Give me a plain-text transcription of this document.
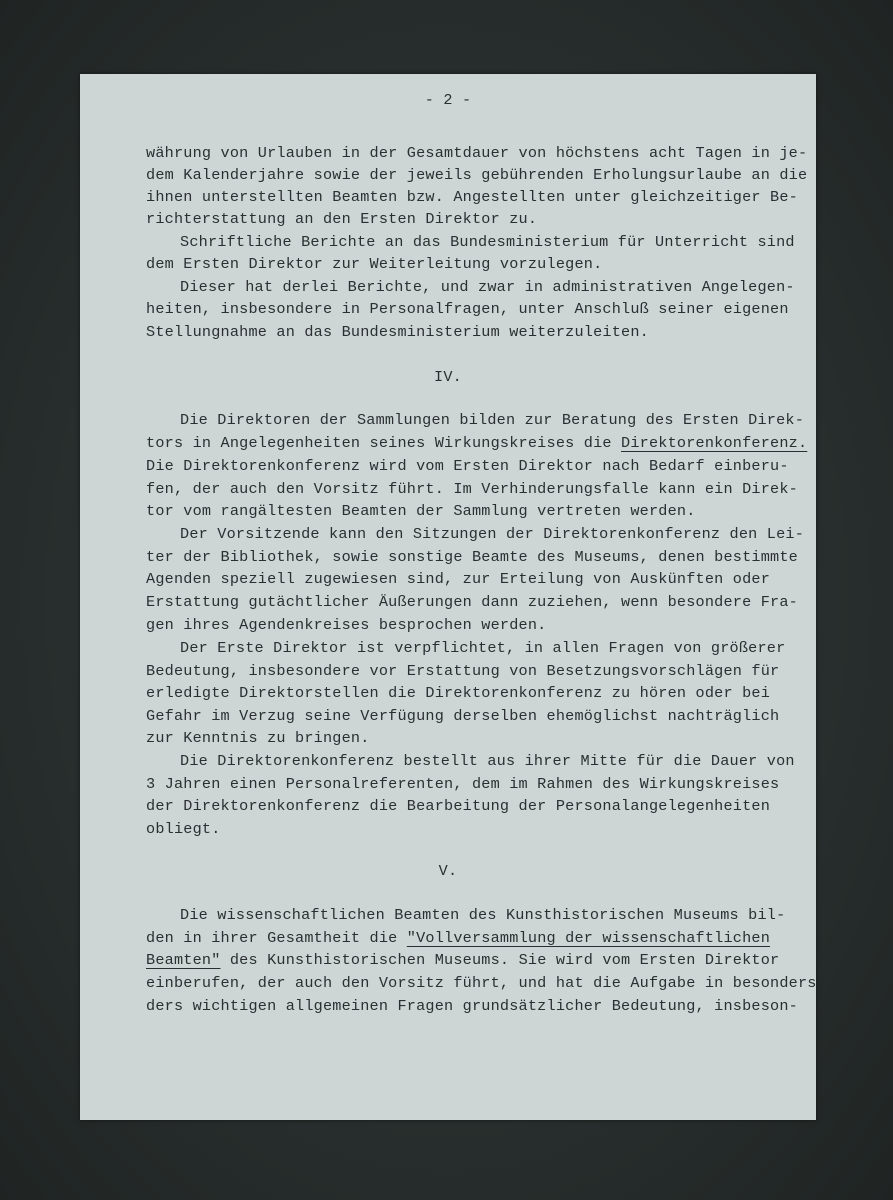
- 2 -
währung von Urlauben in der Gesamtdauer von höchstens acht Tagen in je-
dem Kalenderjahre sowie der jeweils gebührenden Erholungsurlaube an die
ihnen unterstellten Beamten bzw. Angestellten unter gleichzeitiger Be-
richterstattung an den Ersten Direktor zu.
Schriftliche Berichte an das Bundesministerium für Unterricht sind
dem Ersten Direktor zur Weiterleitung vorzulegen.
Dieser hat derlei Berichte, und zwar in administrativen Angelegen-
heiten, insbesondere in Personalfragen, unter Anschluß seiner eigenen
Stellungnahme an das Bundesministerium weiterzuleiten.
IV.
Die Direktoren der Sammlungen bilden zur Beratung des Ersten Direk-
tors in Angelegenheiten seines Wirkungskreises die Direktorenkonferenz.
Die Direktorenkonferenz wird vom Ersten Direktor nach Bedarf einberu-
fen, der auch den Vorsitz führt. Im Verhinderungsfalle kann ein Direk-
tor vom rangältesten Beamten der Sammlung vertreten werden.
Der Vorsitzende kann den Sitzungen der Direktorenkonferenz den Lei-
ter der Bibliothek, sowie sonstige Beamte des Museums, denen bestimmte
Agenden speziell zugewiesen sind, zur Erteilung von Auskünften oder
Erstattung gutächtlicher Äußerungen dann zuziehen, wenn besondere Fra-
gen ihres Agendenkreises besprochen werden.
Der Erste Direktor ist verpflichtet, in allen Fragen von größerer
Bedeutung, insbesondere vor Erstattung von Besetzungsvorschlägen für
erledigte Direktorstellen die Direktorenkonferenz zu hören oder bei
Gefahr im Verzug seine Verfügung derselben ehemöglichst nachträglich
zur Kenntnis zu bringen.
Die Direktorenkonferenz bestellt aus ihrer Mitte für die Dauer von
3 Jahren einen Personalreferenten, dem im Rahmen des Wirkungskreises
der Direktorenkonferenz die Bearbeitung der Personalangelegenheiten
obliegt.
V.
Die wissenschaftlichen Beamten des Kunsthistorischen Museums bil-
den in ihrer Gesamtheit die "Vollversammlung der wissenschaftlichen
Beamten" des Kunsthistorischen Museums. Sie wird vom Ersten Direktor
einberufen, der auch den Vorsitz führt, und hat die Aufgabe in besonders
ders wichtigen allgemeinen Fragen grundsätzlicher Bedeutung, insbeson-
